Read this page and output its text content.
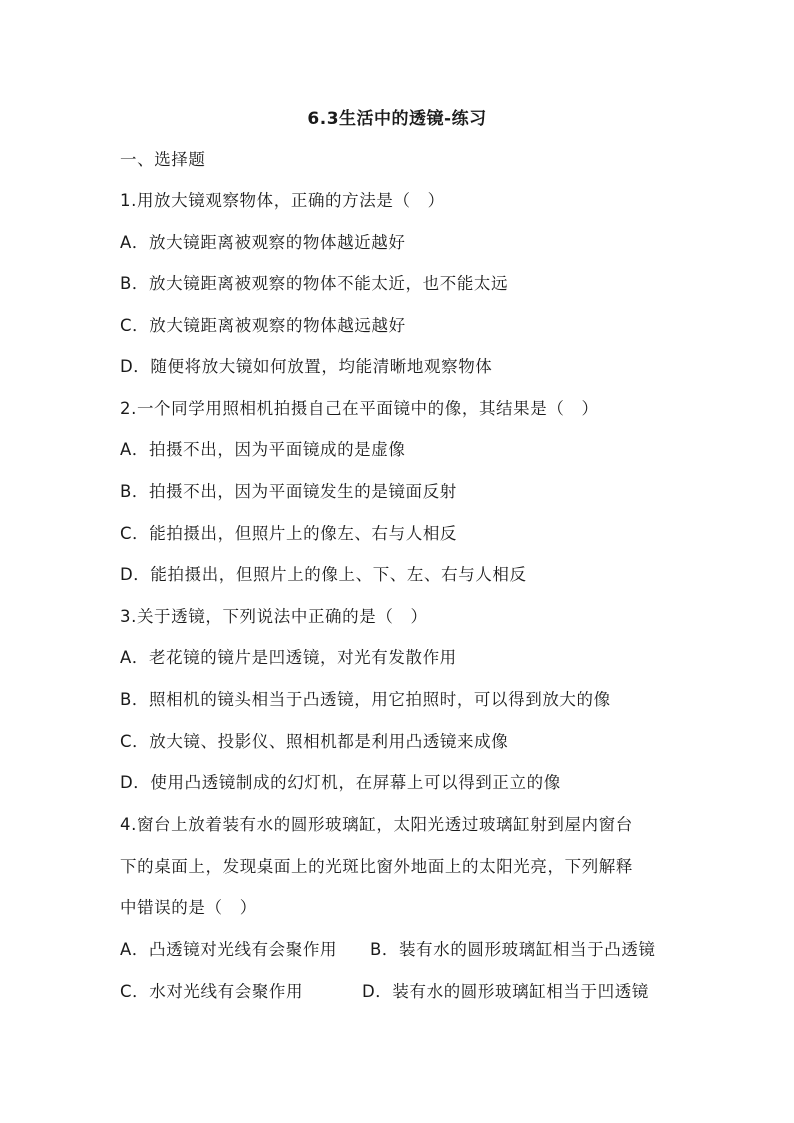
6.3生活中的透镜-练习
一、选择题
1.用放大镜观察物体，正确的方法是（　）
A．放大镜距离被观察的物体越近越好
B．放大镜距离被观察的物体不能太近，也不能太远
C．放大镜距离被观察的物体越远越好
D．随便将放大镜如何放置，均能清晰地观察物体
2.一个同学用照相机拍摄自己在平面镜中的像，其结果是（　）
A．拍摄不出，因为平面镜成的是虚像
B．拍摄不出，因为平面镜发生的是镜面反射
C．能拍摄出，但照片上的像左、右与人相反
D．能拍摄出，但照片上的像上、下、左、右与人相反
3.关于透镜，下列说法中正确的是（　）
A．老花镜的镜片是凹透镜，对光有发散作用
B．照相机的镜头相当于凸透镜，用它拍照时，可以得到放大的像
C．放大镜、投影仪、照相机都是利用凸透镜来成像
D．使用凸透镜制成的幻灯机，在屏幕上可以得到正立的像
4.窗台上放着装有水的圆形玻璃缸，太阳光透过玻璃缸射到屋内窗台
下的桌面上，发现桌面上的光斑比窗外地面上的太阳光亮，下列解释
中错误的是（　）
A．凸透镜对光线有会聚作用 B．装有水的圆形玻璃缸相当于凸透镜
C．水对光线有会聚作用	D．装有水的圆形玻璃缸相当于凹透镜
